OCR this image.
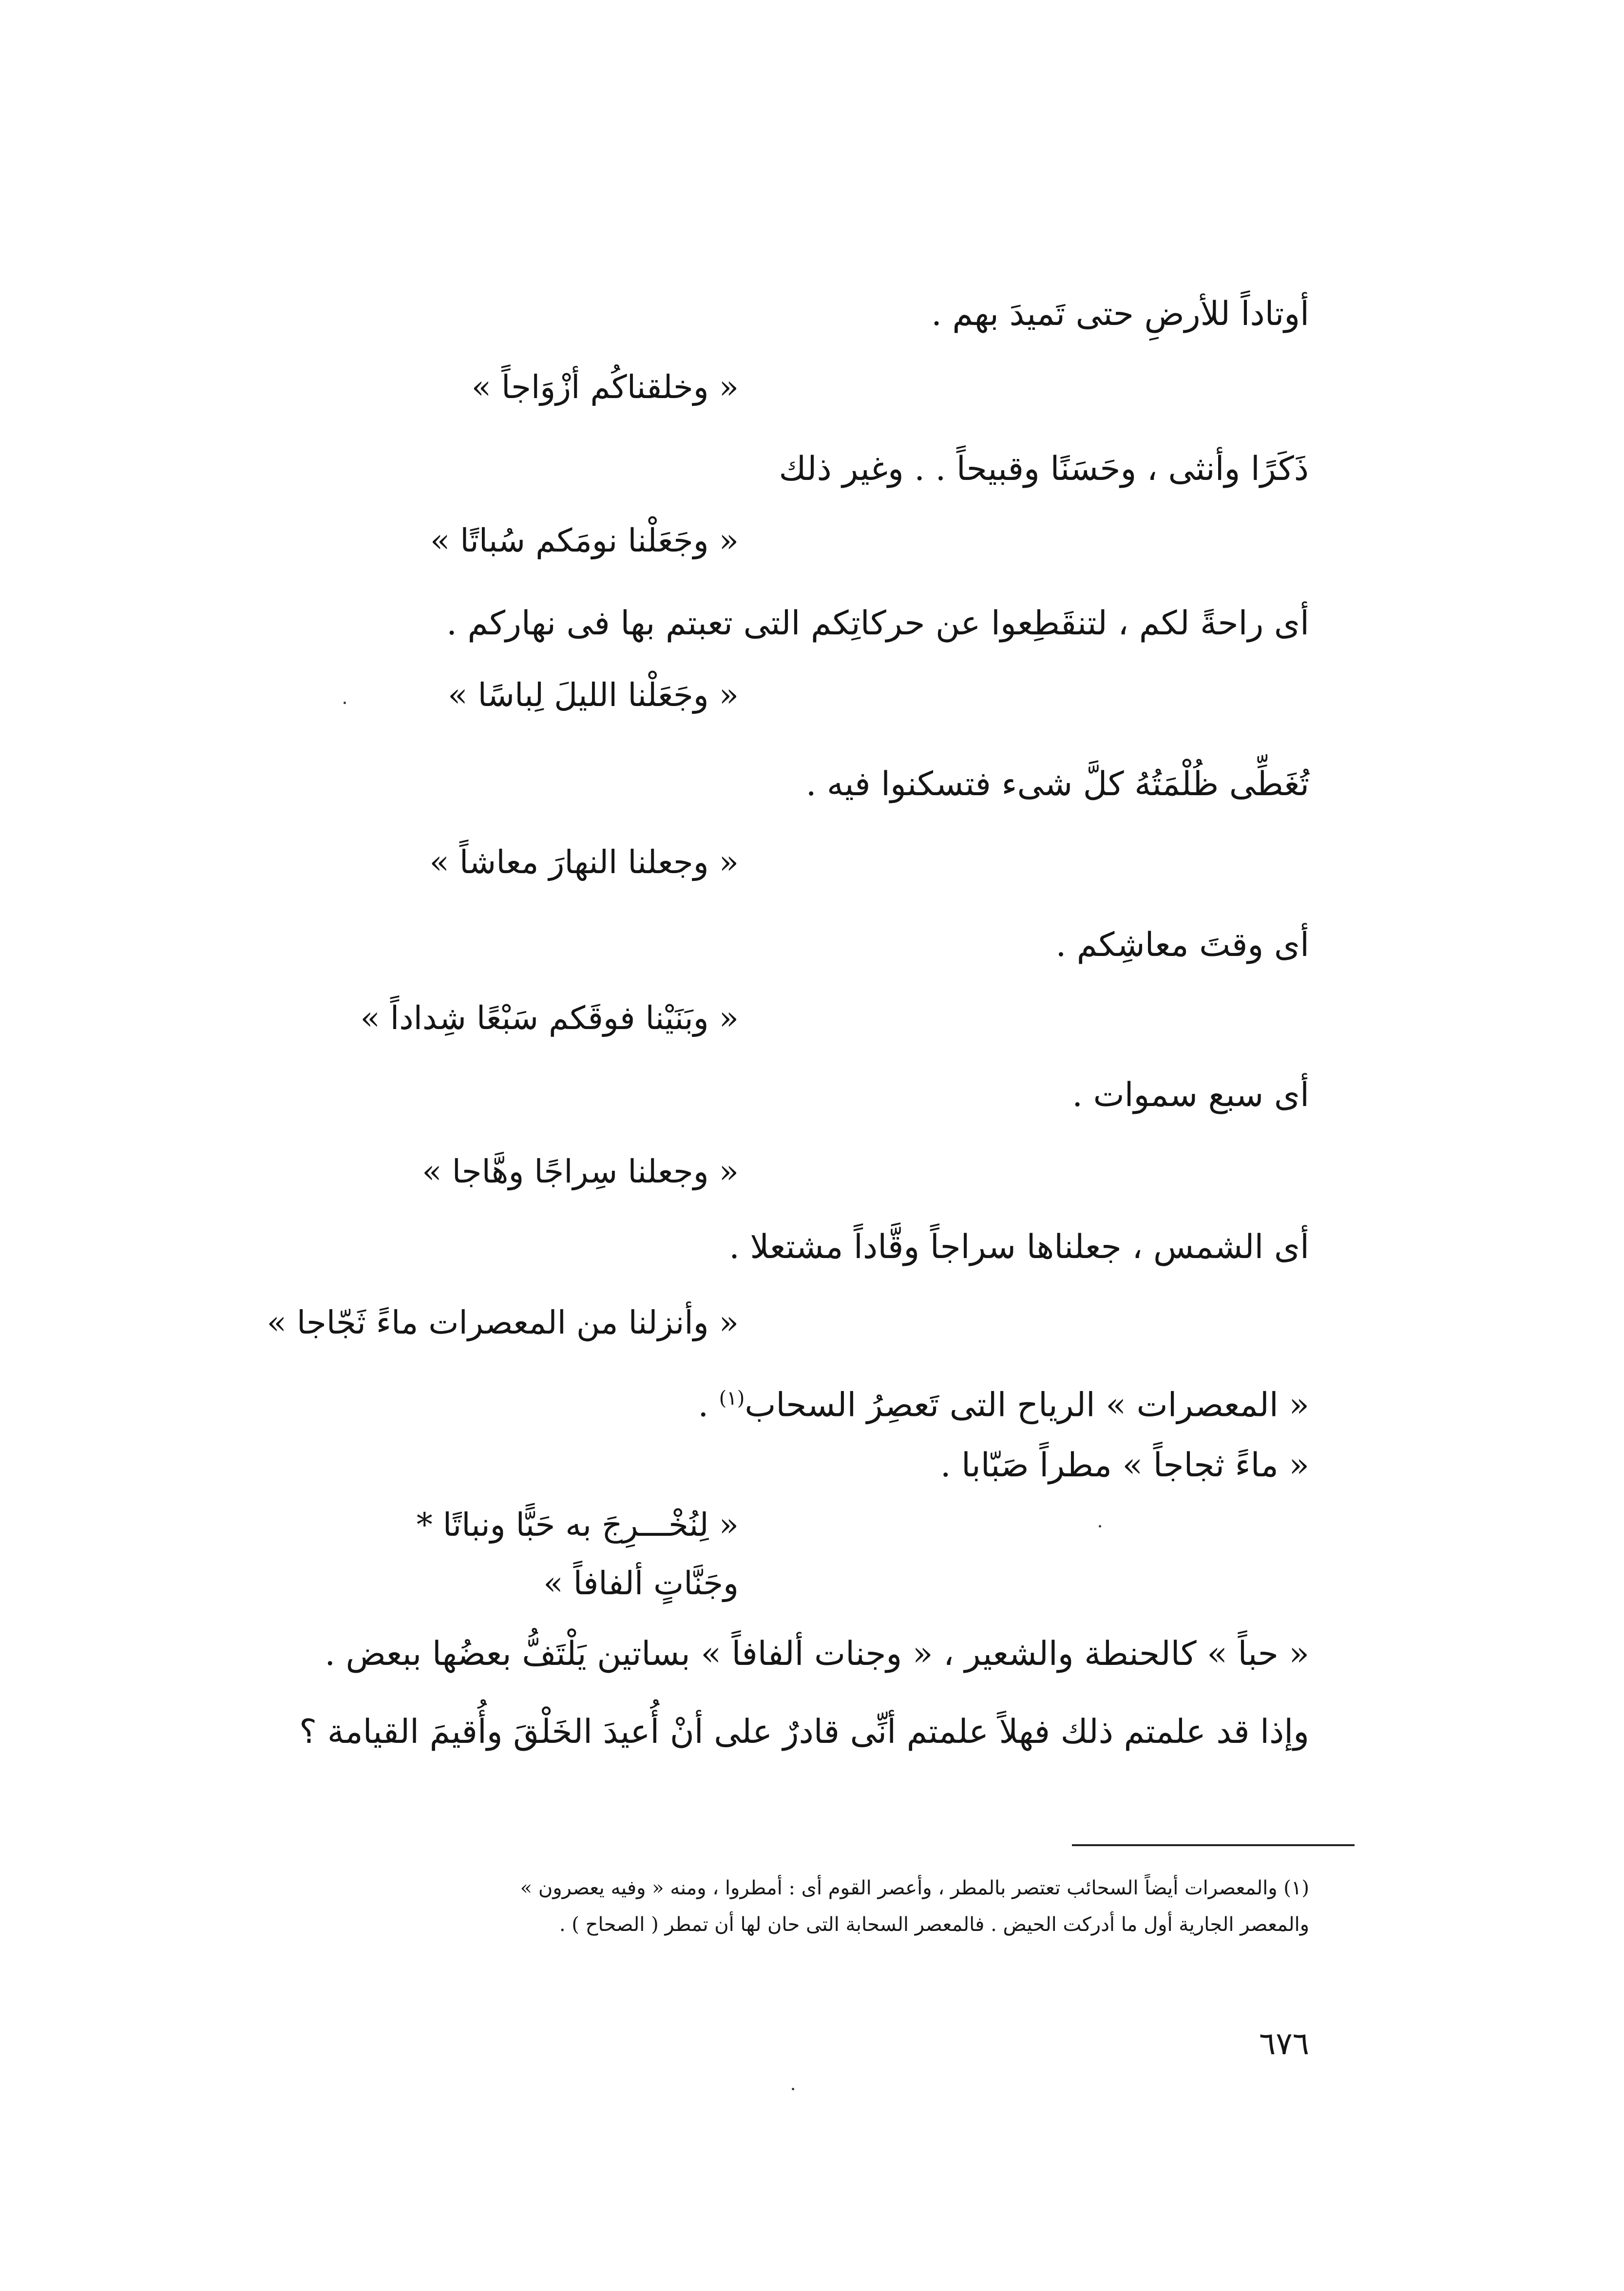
أوتاداً للأرضِ حتى تَميدَ بهم .
« وخلقناكُم أزْوَاجاً »
ذَكَرًا وأنثى ، وحَسَنًا وقبيحاً . . وغير ذلك
« وجَعَلْنا نومَكم سُباتًا »
أى راحةً لكم ، لتنقَطِعوا عن حركاتِكم التى تعبتم بها فى نهاركم .
« وجَعَلْنا الليلَ لِباسًا »
تُغَطِّى ظُلْمَتُهُ كلَّ شىء فتسكنوا فيه .
« وجعلنا النهارَ معاشاً »
أى وقتَ معاشِكم .
« وبَنَيْنا فوقَكم سَبْعًا شِداداً »
أى سبع سموات .
« وجعلنا سِراجًا وهَّاجا »
أى الشمس ، جعلناها سراجاً وقَّاداً مشتعلا .
« وأنزلنا من المعصرات ماءً ثَجّاجا »
« المعصرات » الرياح التى تَعصِرُ السحاب$^{(١)}$ .
« ماءً ثجاجاً » مطراً صَبّابا .
« لِنُخْـــرِجَ به حَبًّا ونباتًا *
وجَنَّاتٍ ألفافاً »
« حباً » كالحنطة والشعير ، « وجنات ألفافاً » بساتين يَلْتَفُّ بعضُها ببعض .
وإذا قد علمتم ذلك فهلاً علمتم أنِّى قادرٌ على أنْ أُعيدَ الخَلْقَ وأُقيمَ القيامة ؟
(١) والمعصرات أيضاً السحائب تعتصر بالمطر ، وأعصر القوم أى : أمطروا ، ومنه « وفيه يعصرون »
والمعصر الجارية أول ما أدركت الحيض . فالمعصر السحابة التى حان لها أن تمطر ( الصحاح ) .
٦٧٦
